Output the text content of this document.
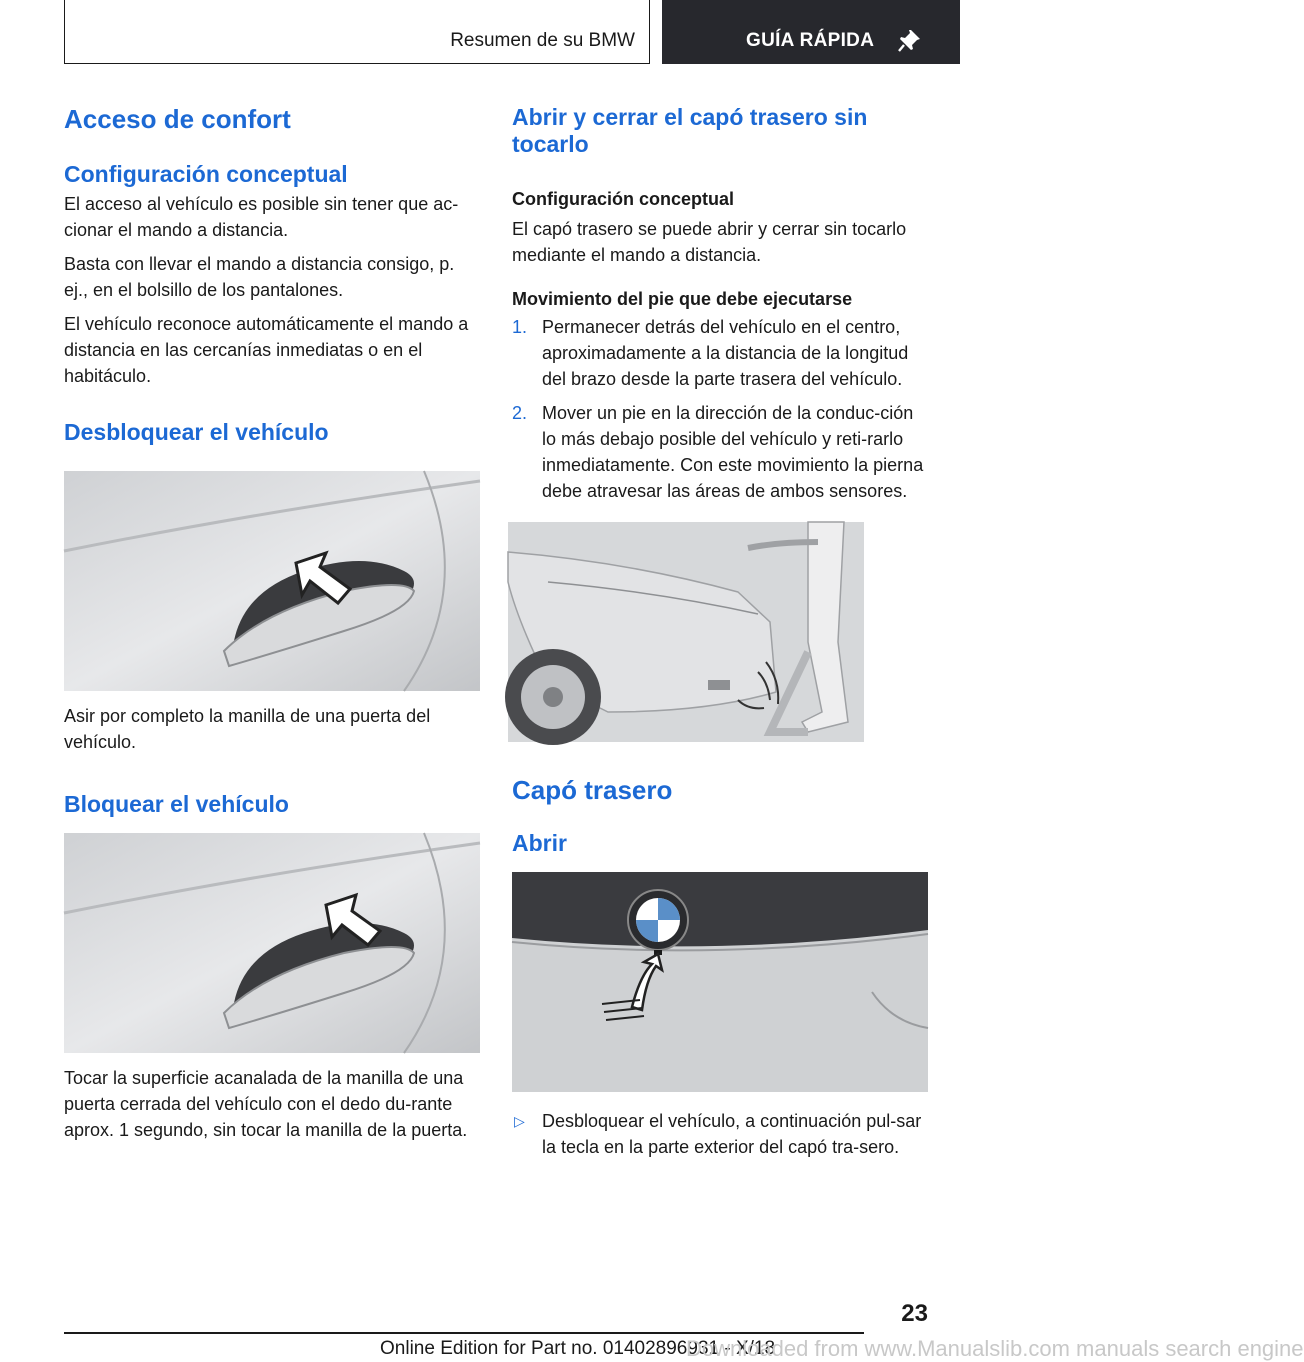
Resumen de su BMW	GUÍA RÁPIDA
Acceso de confort
Configuración conceptual

El acceso al vehículo es posible sin tener que ac-cionar el mando a distancia.

Basta con llevar el mando a distancia consigo, p. ej., en el bolsillo de los pantalones.

El vehículo reconoce automáticamente el mando a distancia en las cercanías inmediatas o en el habitáculo.

Desbloquear el vehículo

Asir por completo la manilla de una puerta del vehículo.

Bloquear el vehículo

Tocar la superficie acanalada de la manilla de una puerta cerrada del vehículo con el dedo du-rante aprox. 1 segundo, sin tocar la manilla de la puerta.

Abrir y cerrar el capó trasero sin tocarlo
Configuración conceptual

El capó trasero se puede abrir y cerrar sin tocarlo mediante el mando a distancia.

Movimiento del pie que debe ejecutarse
1. Permanecer detrás del vehículo en el centro, aproximadamente a la distancia de la longitud del brazo desde la parte trasera del vehículo.
2. Mover un pie en la dirección de la conduc-ción lo más debajo posible del vehículo y reti-rarlo inmediatamente. Con este movimiento la pierna debe atravesar las áreas de ambos sensores.
Capó trasero
Abrir
▷ Desbloquear el vehículo, a continuación pul-sar la tecla en la parte exterior del capó tra-sero.
23
Online Edition for Part no. 01402896931 - X/18
Downloaded from www.Manualslib.com manuals search engine
